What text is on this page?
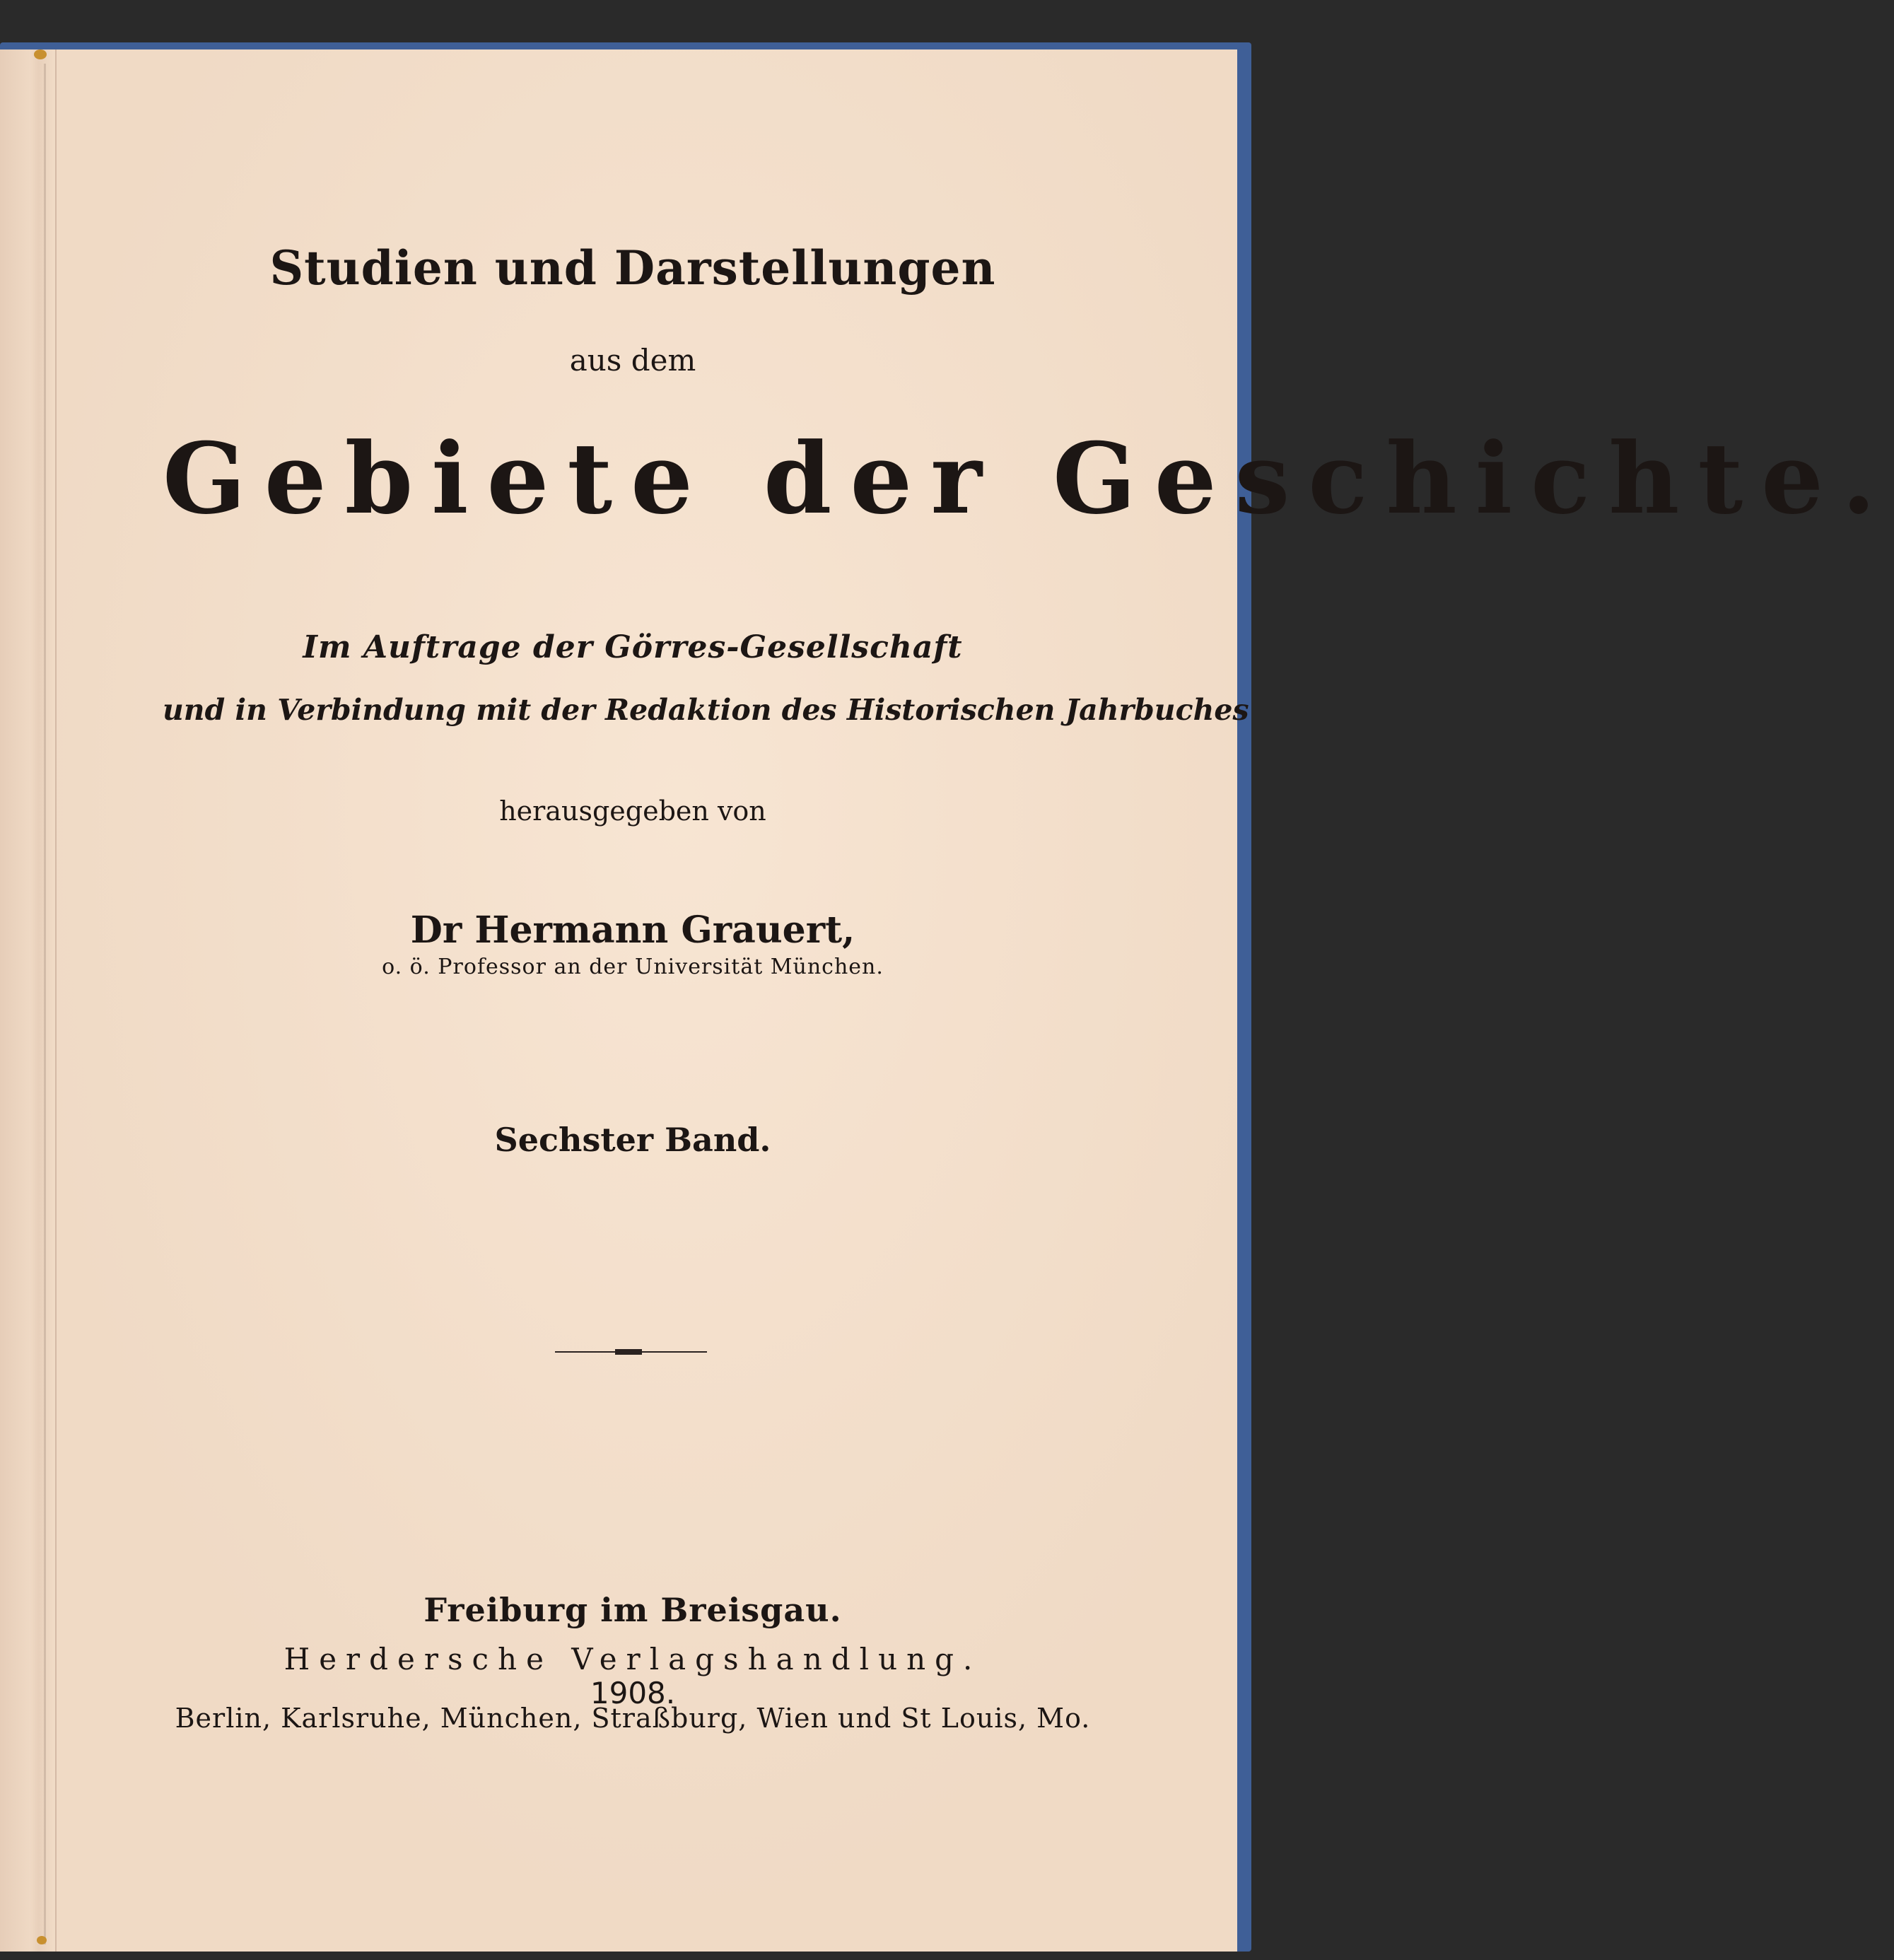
Studien und Darstellungen
aus dem
Gebiete der Geschichte.
Im Auftrage der Görres-Gesellschaft
und in Verbindung mit der Redaktion des Historischen Jahrbuches
herausgegeben von
Dr Hermann Grauert,
o. ö. Professor an der Universität München.
Sechster Band.
Freiburg im Breisgau.
Herdersche Verlagshandlung.
1908.
Berlin, Karlsruhe, München, Straßburg, Wien und St Louis, Mo.
